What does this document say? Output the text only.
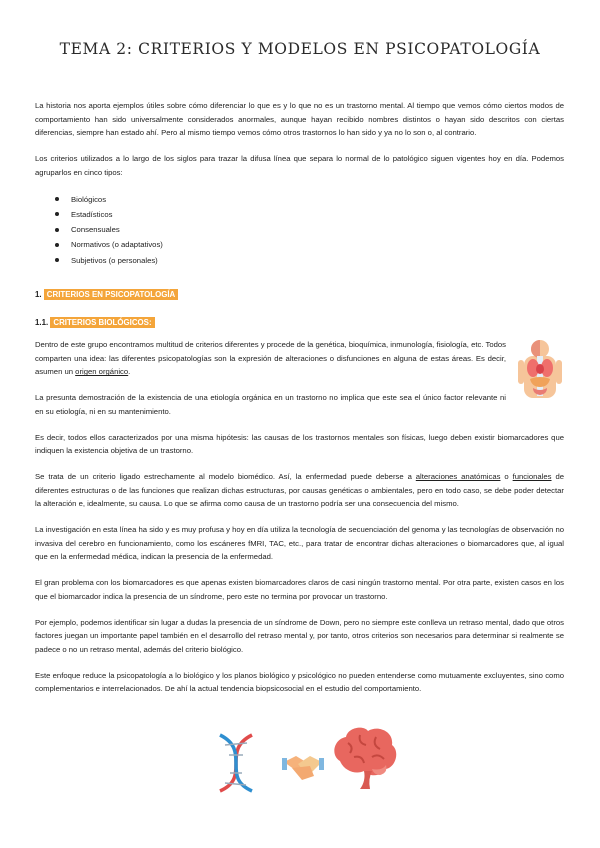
TEMA 2: CRITERIOS Y MODELOS EN PSICOPATOLOGÍA

La historia nos aporta ejemplos útiles sobre cómo diferenciar lo que es y lo que no es un trastorno mental. Al tiempo que vemos cómo ciertos modos de comportamiento han sido universalmente considerados anormales, aunque hayan recibido nombres distintos o hayan sido descritos con ciertas diferencias, siempre han estado ahí. Pero al mismo tiempo vemos cómo otros trastornos lo han sido y ya no lo son o, al contrario.

Los criterios utilizados a lo largo de los siglos para trazar la difusa línea que separa lo normal de lo patológico siguen vigentes hoy en día. Podemos agruparlos en cinco tipos:

Biológicos
Estadísticos
Consensuales
Normativos (o adaptativos)
Subjetivos (o personales)
1. CRITERIOS EN PSICOPATOLOGÍA
1.1. CRITERIOS BIOLÓGICOS:

Dentro de este grupo encontramos multitud de criterios diferentes y procede de la genética, bioquímica, inmunología, fisiología, etc. Todos comparten una idea: las diferentes psicopatologías son la expresión de alteraciones o disfunciones en alguna de estas áreas. Es decir, asumen un origen orgánico.

La presunta demostración de la existencia de una etiología orgánica en un trastorno no implica que este sea el único factor relevante ni en su etiología, ni en su mantenimiento.

Es decir, todos ellos caracterizados por una misma hipótesis: las causas de los trastornos mentales son físicas, luego deben existir biomarcadores que indiquen la existencia objetiva de un trastorno.

Se trata de un criterio ligado estrechamente al modelo biomédico. Así, la enfermedad puede deberse a alteraciones anatómicas o funcionales de diferentes estructuras o de las funciones que realizan dichas estructuras, por causas genéticas o ambientales, pero en todo caso, se debe poder detectar la alteración e, idealmente, su causa. Lo que se afirma como causa de un trastorno podría ser una consecuencia del mismo.

La investigación en esta línea ha sido y es muy profusa y hoy en día utiliza la tecnología de secuenciación del genoma y las tecnologías de observación no invasiva del cerebro en funcionamiento, como los escáneres fMRI, TAC, etc., para tratar de encontrar dichas alteraciones o biomarcadores que, al igual que en la enfermedad médica, indican la presencia de la enfermedad.

El gran problema con los biomarcadores es que apenas existen biomarcadores claros de casi ningún trastorno mental. Por otra parte, existen casos en los que el biomarcador indica la presencia de un síndrome, pero este no termina por provocar un trastorno.

Por ejemplo, podemos identificar sin lugar a dudas la presencia de un síndrome de Down, pero no siempre este conlleva un retraso mental, dado que otros factores juegan un importante papel también en el desarrollo del retraso mental y, por tanto, otros criterios son necesarios para determinar si realmente se padece o no un retraso mental, además del criterio biológico.

Este enfoque reduce la psicopatología a lo biológico y los planos biológico y psicológico no pueden entenderse como mutuamente excluyentes, sino como complementarios e interrelacionados. De ahí la actual tendencia biopsicosocial en el estudio del comportamiento.
